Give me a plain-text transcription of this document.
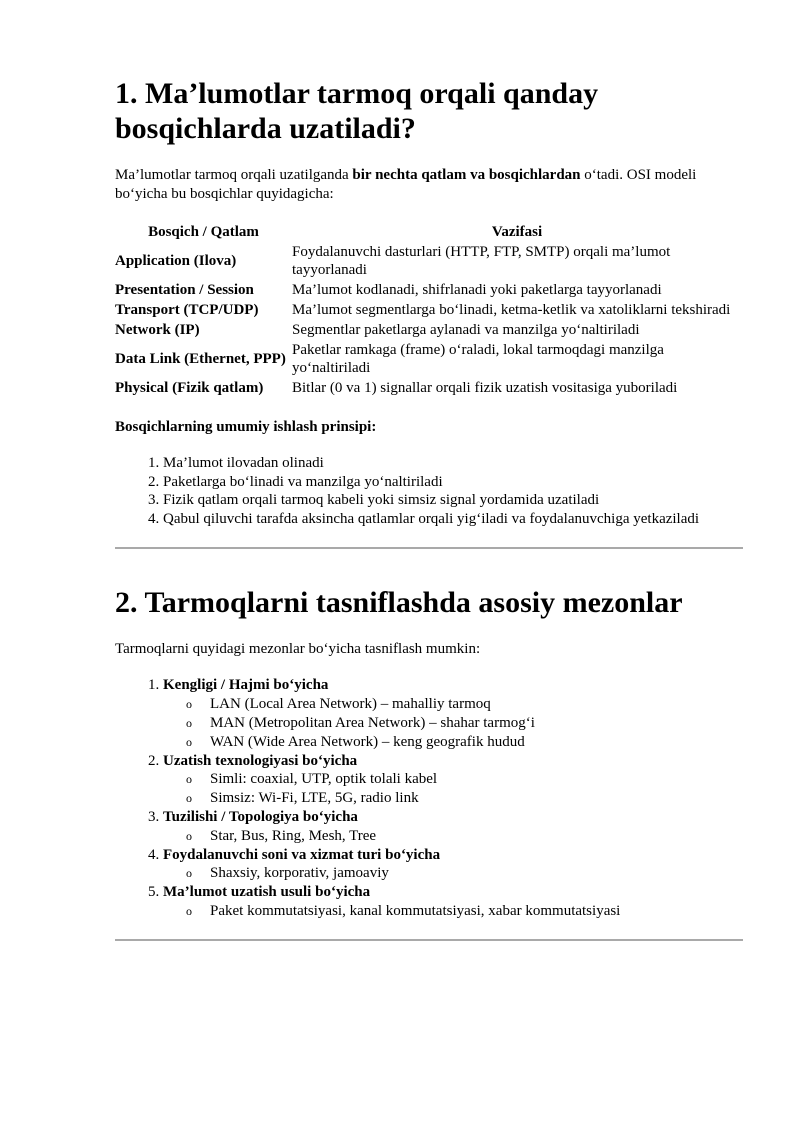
1. Ma’lumotlar tarmoq orqali qanday bosqichlarda uzatiladi?

Ma’lumotlar tarmoq orqali uzatilganda bir nechta qatlam va bosqichlardan o‘tadi. OSI modeli bo‘yicha bu bosqichlar quyidagicha:

Bosqich / Qatlam	Vazifasi
Application (Ilova)	Foydalanuvchi dasturlari (HTTP, FTP, SMTP) orqali ma’lumot tayyorlanadi
Presentation / Session	Ma’lumot kodlanadi, shifrlanadi yoki paketlarga tayyorlanadi
Transport (TCP/UDP)	Ma’lumot segmentlarga bo‘linadi, ketma-ketlik va xatoliklarni tekshiradi
Network (IP)	Segmentlar paketlarga aylanadi va manzilga yo‘naltiriladi
Data Link (Ethernet, PPP)	Paketlar ramkaga (frame) o‘raladi, lokal tarmoqdagi manzilga yo‘naltiriladi
Physical (Fizik qatlam)	Bitlar (0 va 1) signallar orqali fizik uzatish vositasiga yuboriladi

Bosqichlarning umumiy ishlash prinsipi:

1. Ma’lumot ilovadan olinadi
2. Paketlarga bo‘linadi va manzilga yo‘naltiriladi
3. Fizik qatlam orqali tarmoq kabeli yoki simsiz signal yordamida uzatiladi
4. Qabul qiluvchi tarafda aksincha qatlamlar orqali yig‘iladi va foydalanuvchiga yetkaziladi
2. Tarmoqlarni tasniflashda asosiy mezonlar

Tarmoqlarni quyidagi mezonlar bo‘yicha tasniflash mumkin:

1. Kengligi / Hajmi bo‘yicha
o LAN (Local Area Network) – mahalliy tarmoq
o MAN (Metropolitan Area Network) – shahar tarmog‘i
o WAN (Wide Area Network) – keng geografik hudud
2. Uzatish texnologiyasi bo‘yicha
o Simli: coaxial, UTP, optik tolali kabel
o Simsiz: Wi-Fi, LTE, 5G, radio link
3. Tuzilishi / Topologiya bo‘yicha
o Star, Bus, Ring, Mesh, Tree
4. Foydalanuvchi soni va xizmat turi bo‘yicha
o Shaxsiy, korporativ, jamoaviy
5. Ma’lumot uzatish usuli bo‘yicha
o Paket kommutatsiyasi, kanal kommutatsiyasi, xabar kommutatsiyasi
